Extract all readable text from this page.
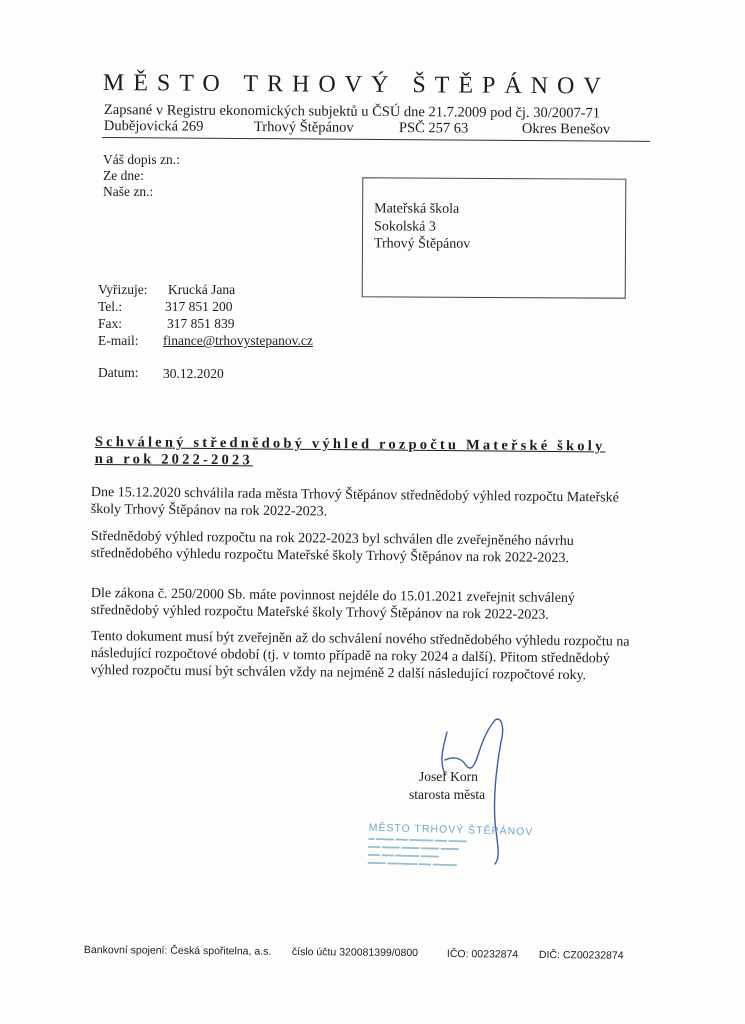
MĚSTO TRHOVÝ ŠTĚPÁNOV
Zapsané v Registru ekonomických subjektů u ČSÚ dne 21.7.2009 pod čj. 30/2007-71
Dubějovická 269	Trhový Štěpánov	PSČ 257 63	Okres Benešov
Váš dopis zn.:
Ze dne:
Naše zn.:
Mateřská škola
Sokolská 3
Trhový Štěpánov
Vyřizuje: Krucká Jana
Tel.:	317 851 200
Fax:	317 851 839
E-mail: finance@trhovystepanov.cz
Datum: 30.12.2020
Schválený střednědobý výhled rozpočtu Mateřské školy
na rok 2022-2023
Dne 15.12.2020 schválila rada města Trhový Štěpánov střednědobý výhled rozpočtu Mateřské školy Trhový Štěpánov na rok 2022-2023.
Střednědobý výhled rozpočtu na rok 2022-2023 byl schválen dle zveřejněného návrhu střednědobého výhledu rozpočtu Mateřské školy Trhový Štěpánov na rok 2022-2023.
Dle zákona č. 250/2000 Sb. máte povinnost nejdéle do 15.01.2021 zveřejnit schválený střednědobý výhled rozpočtu Mateřské školy Trhový Štěpánov na rok 2022-2023.
Tento dokument musí být zveřejněn až do schválení nového střednědobého výhledu rozpočtu na následující rozpočtové období (tj. v tomto případě na roky 2024 a další). Přitom střednědobý výhled rozpočtu musí být schválen vždy na nejméně 2 další následující rozpočtové roky.
Josef Korn
starosta města
MĚSTO TRHOVÝ ŠTĚPÁNOV
▬ ▬▬▬ ▬▬ ▬▬▬▬ ▬▬ ▬▬▬
▬▬ ▬▬▬ ▬▬▬ ▬▬▬ ▬▬▬
▬▬ ▬▬ ▬▬▬▬ ▬▬▬
▬▬▬ ▬▬▬▬▬ ▬▬ ▬▬▬▬
Bankovní spojení: Česká spořitelna, a.s. číslo účtu 320081399/0800	IČO: 00232874 DIČ: CZ00232874
